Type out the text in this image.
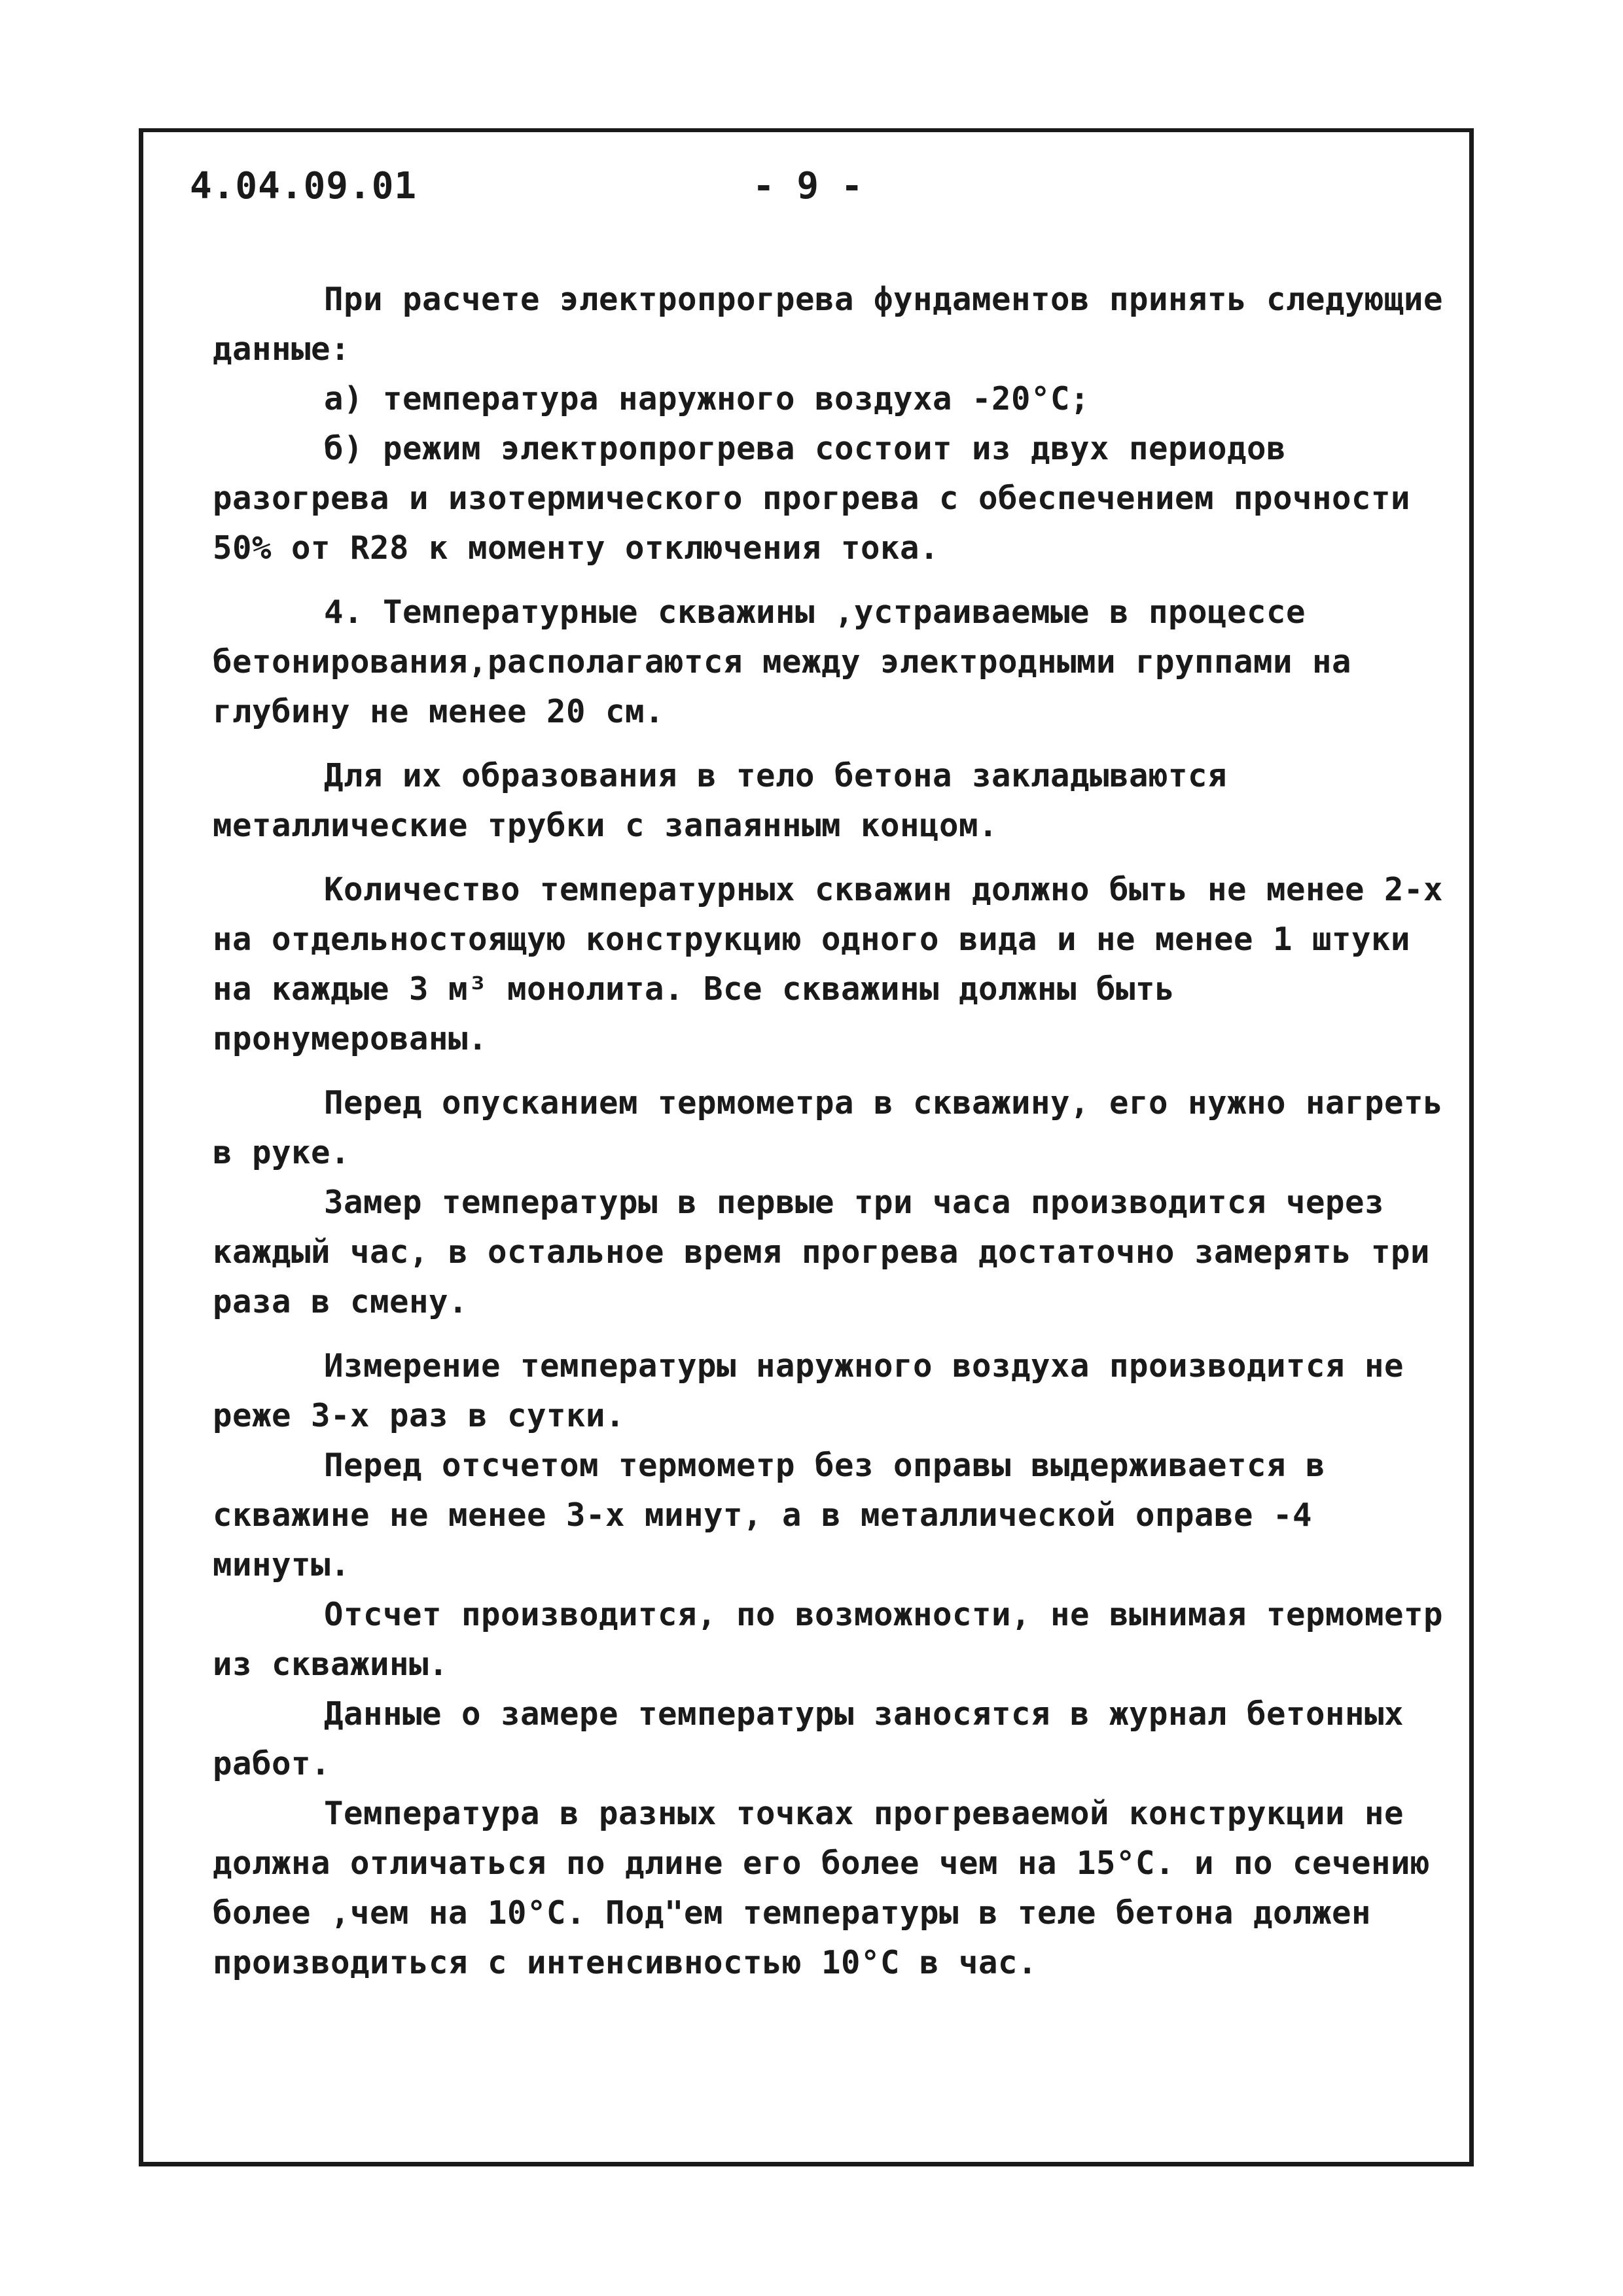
4.04.09.01	- 9 -

При расчете электропрогрева фундаментов принять следующие данные:

а) температура наружного воздуха -20°С;

б) режим электропрогрева состоит из двух периодов разогрева и изотермического прогрева с обеспечением прочности 50% от R28 к моменту отключения тока.

4. Температурные скважины ,устраиваемые в процессе бетонирования,располагаются между электродными группами на глубину не менее 20 см.

Для их образования в тело бетона закладываются металлические трубки с запаянным концом.

Количество температурных скважин должно быть не менее 2-х на отдельностоящую конструкцию одного вида и не менее 1 штуки на каждые 3 м³ монолита. Все скважины должны быть пронумерованы.

Перед опусканием термометра в скважину, его нужно нагреть в руке.

Замер температуры в первые три часа производится через каждый час, в остальное время прогрева достаточно замерять три раза в смену.

Измерение температуры наружного воздуха производится не реже 3-х раз в сутки.

Перед отсчетом термометр без оправы выдерживается в скважине не менее 3-х минут, а в металлической оправе -4 минуты.

Отсчет производится, по возможности, не вынимая термометр из скважины.

Данные о замере температуры заносятся в журнал бетонных работ.

Температура в разных точках прогреваемой конструкции не должна отличаться по длине его более чем на 15°С. и по сечению более ,чем на 10°С. Под"ем температуры в теле бетона должен производиться с интенсивностью 10°С в час.
